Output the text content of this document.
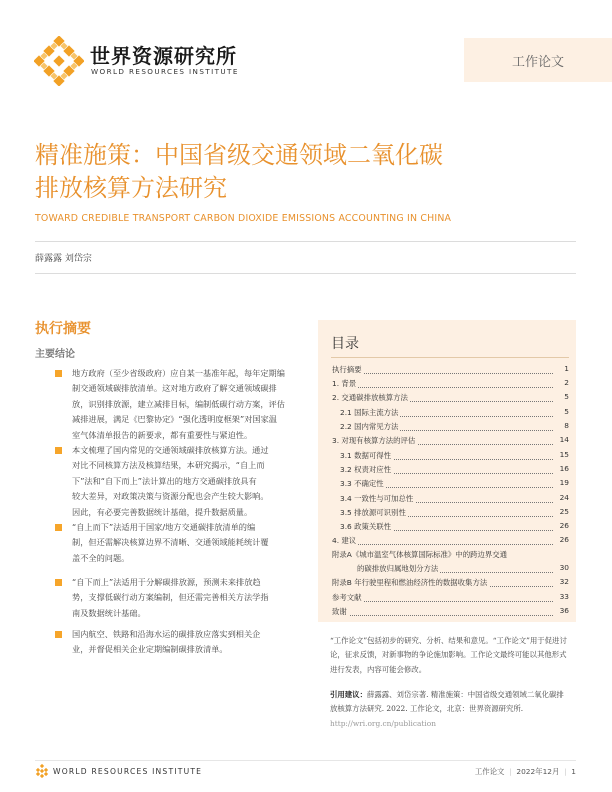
世界资源研究所
WORLD RESOURCES INSTITUTE
工作论文
精准施策：中国省级交通领域二氧化碳
排放核算方法研究
TOWARD CREDIBLE TRANSPORT CARBON DIOXIDE EMISSIONS ACCOUNTING IN CHINA
薛露露 刘岱宗
执行摘要
主要结论
地方政府（至少省级政府）应自某一基准年起，每年定期编
制交通领域碳排放清单。这对地方政府了解交通领域碳排
放，识别排放源，建立减排目标，编制低碳行动方案，评估
减排进展，满足《巴黎协定》“强化透明度框架”对国家温
室气体清单报告的新要求，都有重要性与紧迫性。
本文梳理了国内常见的交通领域碳排放核算方法。通过
对比不同核算方法及核算结果，本研究揭示，“自上而
下”法和“自下而上”法计算出的地方交通碳排放具有
较大差异，对政策决策与资源分配也会产生较大影响。
因此，有必要完善数据统计基础，提升数据质量。
“自上而下”法适用于国家/地方交通碳排放清单的编
制，但还需解决核算边界不清晰、交通领域能耗统计覆
盖不全的问题。
“自下而上”法适用于分解碳排放源，预测未来排放趋
势，支撑低碳行动方案编制，但还需完善相关方法学指
南及数据统计基础。
国内航空、铁路和沿海水运的碳排放应落实到相关企
业，并督促相关企业定期编制碳排放清单。
目录
执行摘要	1
1. 背景	2
2. 交通碳排放核算方法	5
2.1 国际主流方法	5
2.2 国内常见方法	8
3. 对现有核算方法的评估	14
3.1 数据可得性	15
3.2 权责对应性	16
3.3 不确定性	19
3.4 一致性与可加总性	24
3.5 排放源可识别性	25
3.6 政策关联性	26
4. 建议	26
附录A《城市温室气体核算国际标准》中的跨边界交通
的碳排放归属地划分方法	30
附录B 年行驶里程和燃油经济性的数据收集方法	32
参考文献	33
致谢	36
“工作论文”包括初步的研究、分析、结果和意见。“工作论文”用于促进讨论，征求反馈，对新事物的争论施加影响。工作论文最终可能以其他形式进行发表，内容可能会修改。
引用建议：薛露露、刘岱宗著. 精准施策：中国省级交通领域二氧化碳排放核算方法研究. 2022. 工作论文，北京：世界资源研究所. http://wri.org.cn/publication
WORLD RESOURCES INSTITUTE	工作论文  |  2022年12月  |  1
